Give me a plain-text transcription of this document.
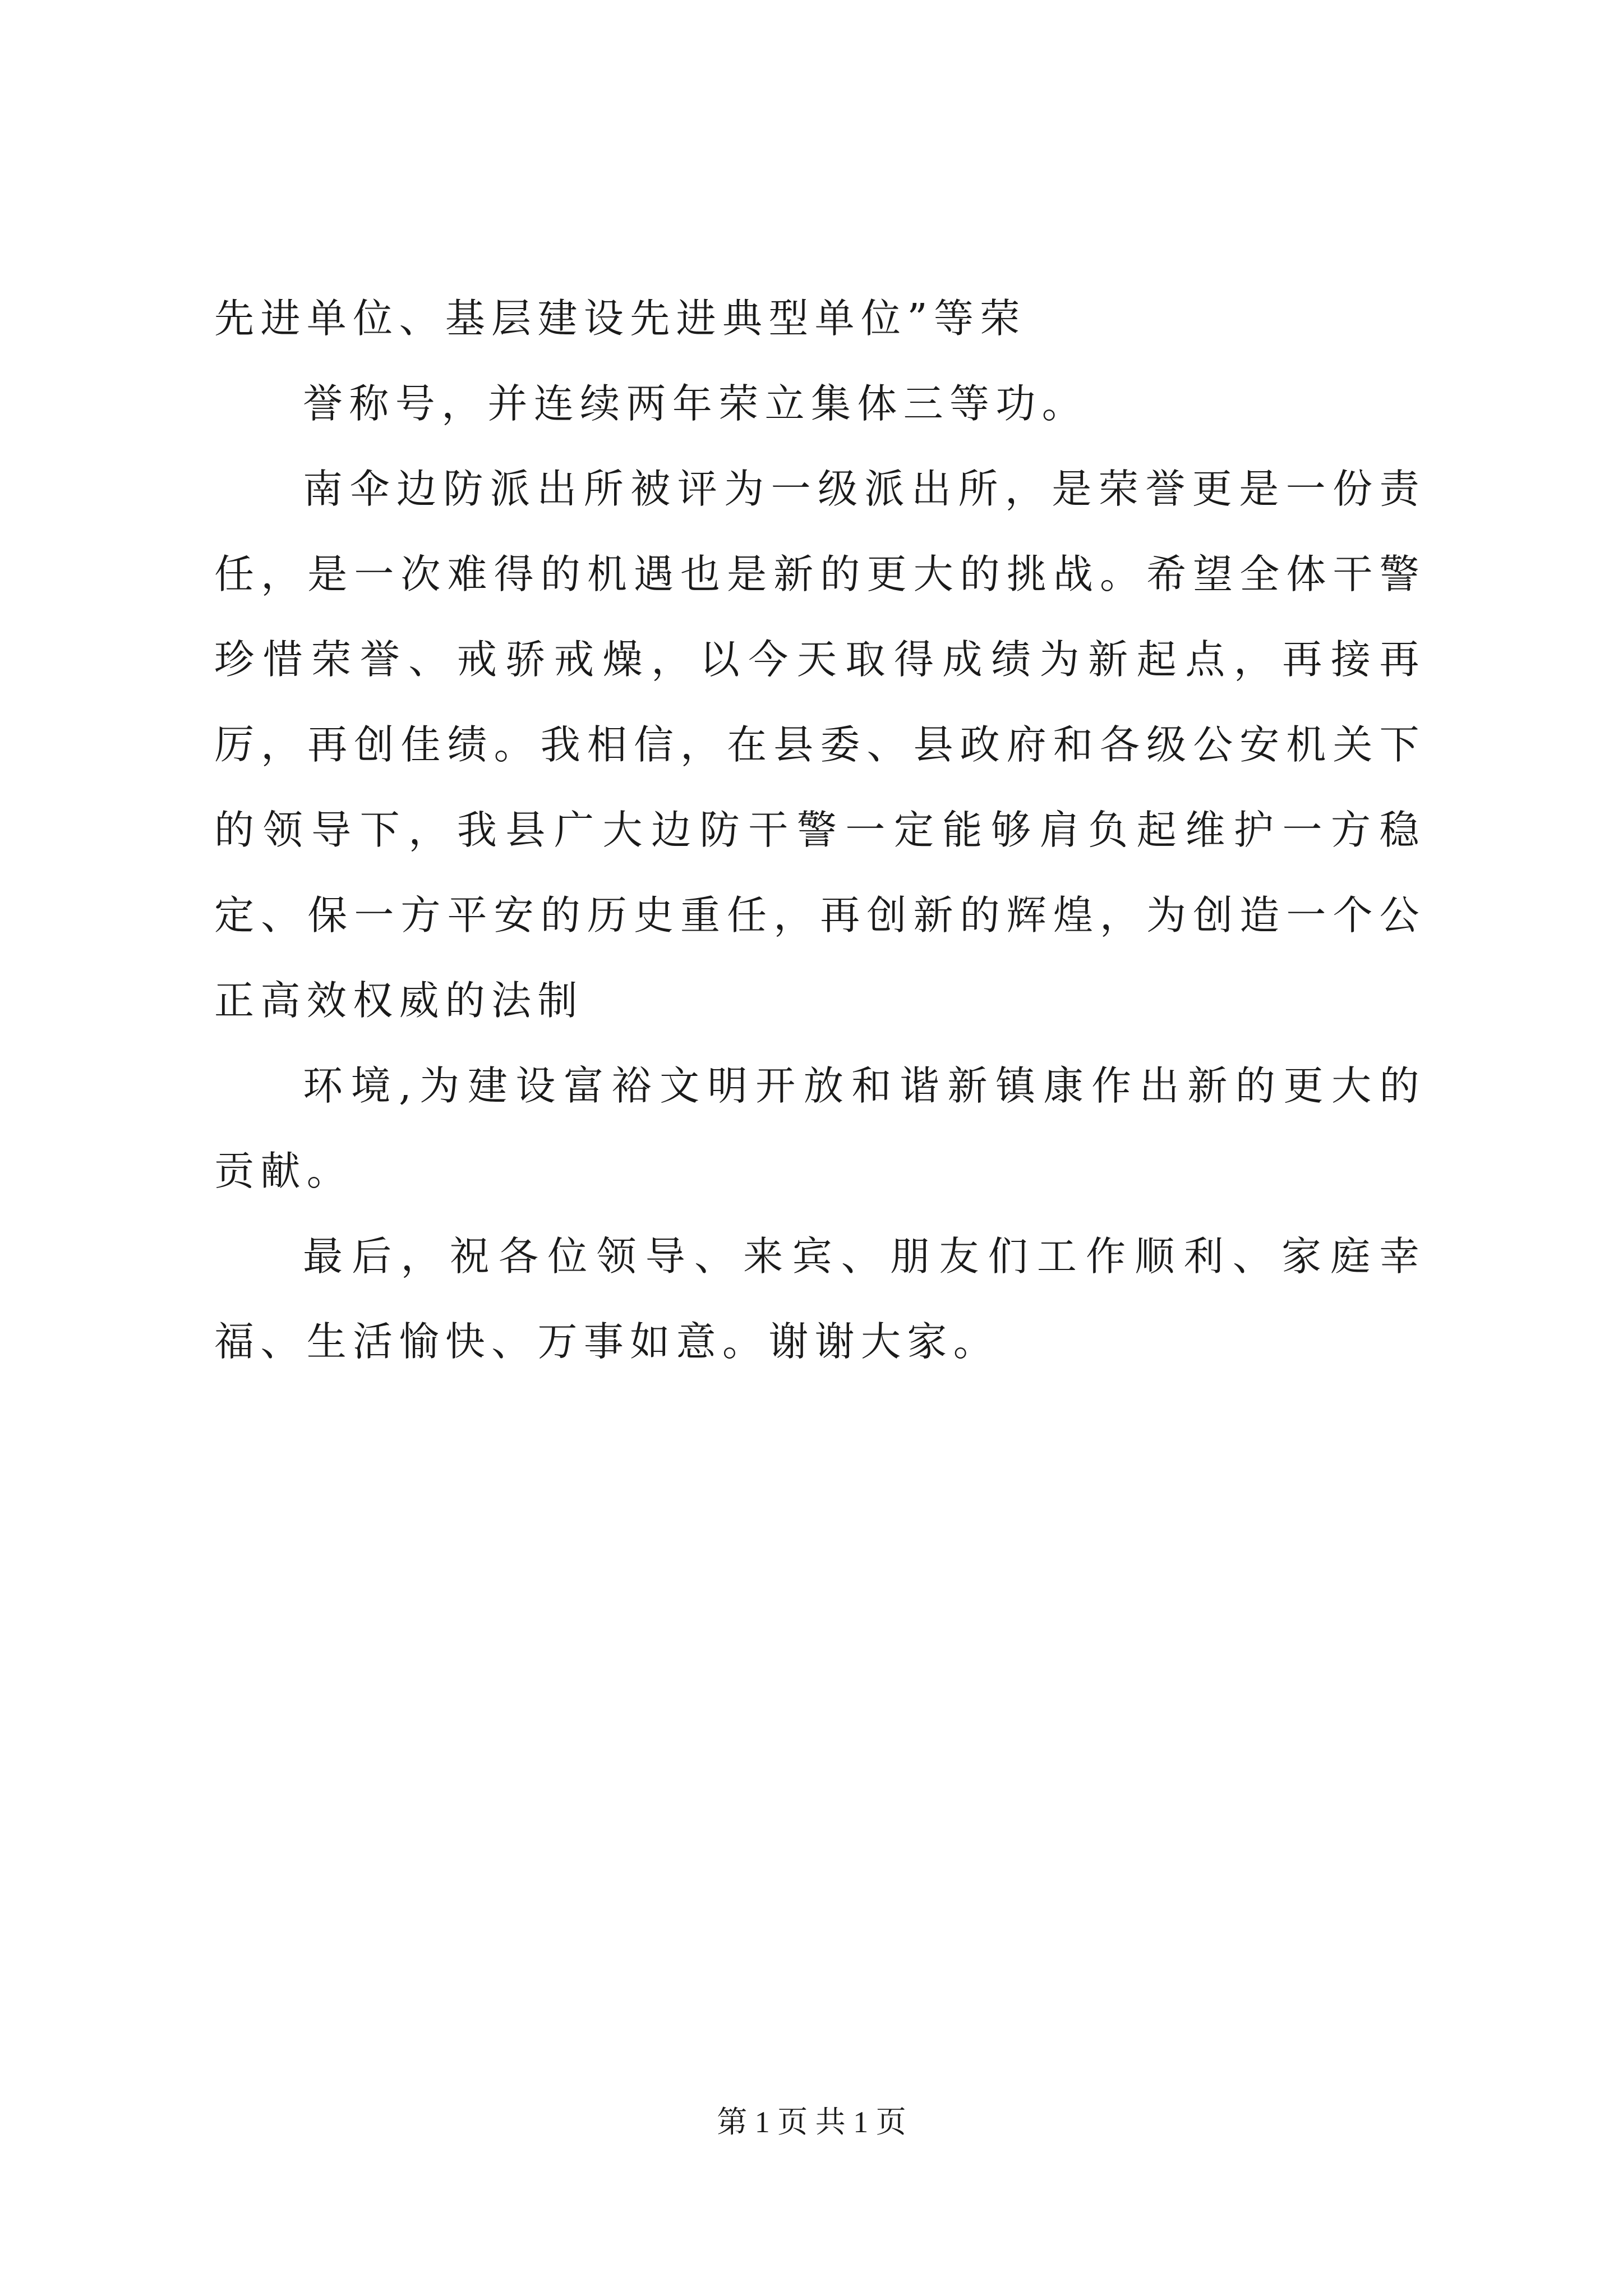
先进单位、基层建设先进典型单位”等荣

誉称号，并连续两年荣立集体三等功。

南伞边防派出所被评为一级派出所，是荣誉更是一份责任，是一次难得的机遇也是新的更大的挑战。希望全体干警珍惜荣誉、戒骄戒燥，以今天取得成绩为新起点，再接再厉，再创佳绩。我相信，在县委、县政府和各级公安机关下的领导下，我县广大边防干警一定能够肩负起维护一方稳定、保一方平安的历史重任，再创新的辉煌，为创造一个公正高效权威的法制

环境,为建设富裕文明开放和谐新镇康作出新的更大的贡献。

最后，祝各位领导、来宾、朋友们工作顺利、家庭幸福、生活愉快、万事如意。谢谢大家。

第 1 页 共 1 页
